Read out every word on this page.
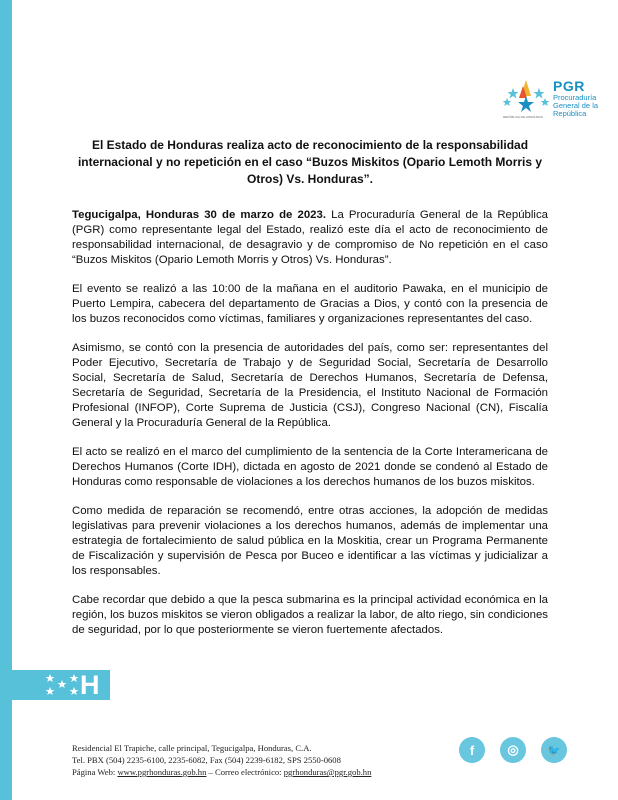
PGR
Procuraduría General de la República
REPÚBLICA DE HONDURAS
El Estado de Honduras realiza acto de reconocimiento de la responsabilidad internacional y no repetición en el caso “Buzos Miskitos (Opario Lemoth Morris y Otros) Vs. Honduras”.

Tegucigalpa, Honduras 30 de marzo de 2023. La Procuraduría General de la República (PGR) como representante legal del Estado, realizó este día el acto de reconocimiento de responsabilidad internacional, de desagravio y de compromiso de No repetición en el caso “Buzos Miskitos (Opario Lemoth Morris y Otros) Vs. Honduras”.

El evento se realizó a las 10:00 de la mañana en el auditorio Pawaka, en el municipio de Puerto Lempira, cabecera del departamento de Gracias a Dios, y contó con la presencia de los buzos reconocidos como víctimas, familiares y organizaciones representantes del caso.

Asimismo, se contó con la presencia de autoridades del país, como ser: representantes del Poder Ejecutivo, Secretaría de Trabajo y de Seguridad Social, Secretaría de Desarrollo Social, Secretaría de Salud, Secretaría de Derechos Humanos, Secretaría de Defensa, Secretaría de Seguridad, Secretaría de la Presidencia, el Instituto Nacional de Formación Profesional (INFOP), Corte Suprema de Justicia (CSJ), Congreso Nacional (CN), Fiscalía General y la Procuraduría General de la República.

El acto se realizó en el marco del cumplimiento de la sentencia de la Corte Interamericana de Derechos Humanos (Corte IDH), dictada en agosto de 2021 donde se condenó al Estado de Honduras como responsable de violaciones a los derechos humanos de los buzos miskitos.

Como medida de reparación se recomendó, entre otras acciones, la adopción de medidas legislativas para prevenir violaciones a los derechos humanos, además de implementar una estrategia de fortalecimiento de salud pública en la Moskitia, crear un Programa Permanente de Fiscalización y supervisión de Pesca por Buceo e identificar a las víctimas y judicializar a los responsables.

Cabe recordar que debido a que la pesca submarina es la principal actividad económica en la región, los buzos miskitos se vieron obligados a realizar la labor, de alto riego, sin condiciones de seguridad, por lo que posteriormente se vieron fuertemente afectados.

H
Residencial El Trapiche, calle principal, Tegucigalpa, Honduras, C.A.
Tel. PBX (504) 2235-6100, 2235-6082, Fax (504) 2239-6182, SPS 2550-0608
Página Web: www.pgrhonduras.gob.hn – Correo electrónico: pgrhonduras@pgr.gob.hn
f	◎	🐦
